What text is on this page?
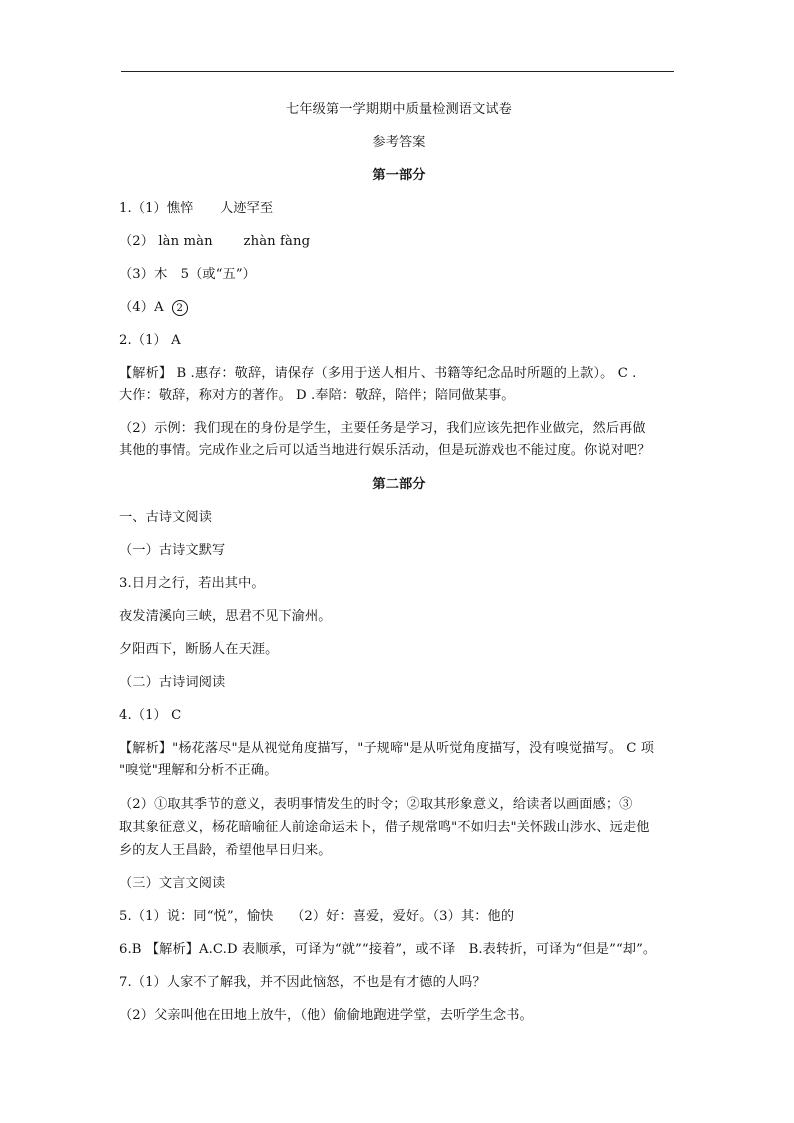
七年级第一学期期中质量检测语文试卷
参考答案
第一部分
1.（1）憔悴　　人迹罕至
（2） làn màn　　 zhàn fàng
（3）木　5（或“五”）
（4）A 2
2.（1） A
【解析】 B .惠存：敬辞，请保存（多用于送人相片、书籍等纪念品时所题的上款）。 C .
大作：敬辞，称对方的著作。 D .奉陪：敬辞，陪伴；陪同做某事。
（2）示例：我们现在的身份是学生，主要任务是学习，我们应该先把作业做完，然后再做
其他的事情。完成作业之后可以适当地进行娱乐活动，但是玩游戏也不能过度。你说对吧？
第二部分
一、古诗文阅读
（一）古诗文默写
3.日月之行，若出其中。
夜发清溪向三峡，思君不见下渝州。
夕阳西下，断肠人在天涯。
（二）古诗词阅读
4.（1） C
【解析】"杨花落尽"是从视觉角度描写，"子规啼"是从听觉角度描写，没有嗅觉描写。 C 项
"嗅觉"理解和分析不正确。
（2）①取其季节的意义，表明事情发生的时令；②取其形象意义，给读者以画面感；③
取其象征意义，杨花暗喻征人前途命运未卜，借子规常鸣"不如归去"关怀跋山涉水、远走他
乡的友人王昌龄，希望他早日归来。
（三）文言文阅读
5.（1）说：同“悦”，愉快　 （2）好：喜爱，爱好。（3）其：他的
6.B 【解析】A.C.D 表顺承，可译为“就”“接着”，或不译　B.表转折，可译为“但是”“却”。
7.（1）人家不了解我，并不因此恼怒，不也是有才德的人吗？
（2）父亲叫他在田地上放牛，（他）偷偷地跑进学堂，去听学生念书。
